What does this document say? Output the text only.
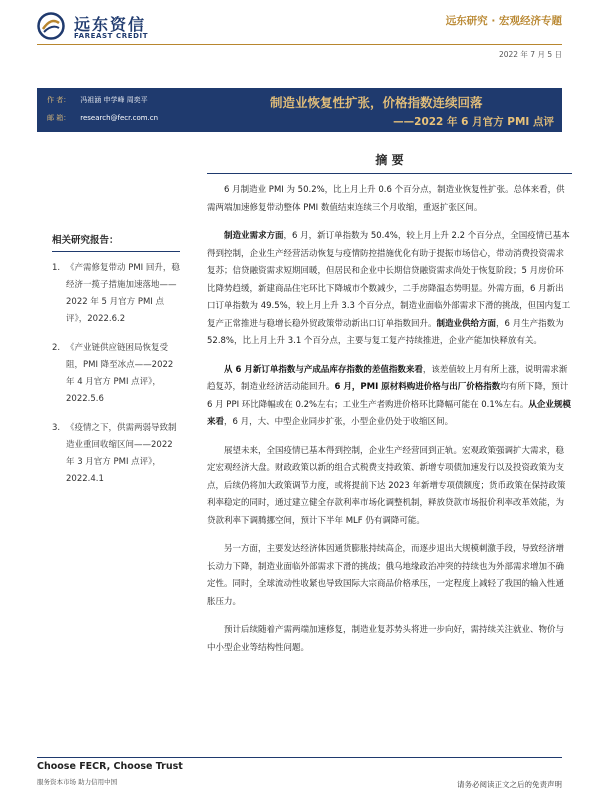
远东资信
FAREAST CREDIT
远东研究 · 宏观经济专题
2022 年 7 月 5 日
作 者： 冯祖涵 申学峰 周奕平
邮 箱： research@fecr.com.cn
制造业恢复性扩张，价格指数连续回落
——2022 年 6 月官方 PMI 点评
相关研究报告：
1. 《产需修复带动 PMI 回升，稳经济一揽子措施加速落地——2022 年 5 月官方 PMI 点评》，2022.6.2
2. 《产业链供应链困局恢复受阻，PMI 降至冰点——2022 年 4 月官方 PMI 点评》，2022.5.6
3. 《疫情之下，供需两弱导致制造业重回收缩区间——2022 年 3 月官方 PMI 点评》，2022.4.1
摘 要

6 月制造业 PMI 为 50.2%，比上月上升 0.6 个百分点，制造业恢复性扩张。总体来看，供需两端加速修复带动整体 PMI 数值结束连续三个月收缩，重返扩张区间。

制造业需求方面，6 月，新订单指数为 50.4%，较上月上升 2.2 个百分点，全国疫情已基本得到控制，企业生产经营活动恢复与疫情防控措施优化有助于提振市场信心，带动消费投资需求复苏；信贷融资需求短期回暖，但居民和企业中长期信贷融资需求尚处于恢复阶段；5 月房价环比降势趋缓，新建商品住宅环比下降城市个数减少，二手房降温态势明显。外需方面，6 月新出口订单指数为 49.5%，较上月上升 3.3 个百分点，制造业面临外部需求下滑的挑战，但国内复工复产正常推进与稳增长稳外贸政策带动新出口订单指数回升。制造业供给方面，6 月生产指数为 52.8%，比上月上升 3.1 个百分点，主要与复工复产持续推进，企业产能加快释放有关。

从 6 月新订单指数与产成品库存指数的差值指数来看，该差值较上月有所上涨，说明需求渐趋复苏，制造业经济活动能回升。6 月，PMI 原材料购进价格与出厂价格指数均有所下降，预计 6 月 PPI 环比降幅或在 0.2%左右；工业生产者购进价格环比降幅可能在 0.1%左右。从企业规模来看，6 月，大、中型企业同步扩张，小型企业仍处于收缩区间。

展望未来，全国疫情已基本得到控制，企业生产经营回到正轨。宏观政策强调扩大需求，稳定宏观经济大盘。财政政策以新的组合式税费支持政策、新增专项债加速发行以及投资政策为支点，后续仍将加大政策调节力度，或将提前下达 2023 年新增专项债额度；货币政策在保持政策利率稳定的同时，通过建立健全存款利率市场化调整机制，释放贷款市场报价利率改革效能，为贷款利率下调腾挪空间，预计下半年 MLF 仍有调降可能。

另一方面，主要发达经济体因通货膨胀持续高企，而逐步退出大规模刺激手段，导致经济增长动力下降，制造业面临外部需求下滑的挑战；俄乌地缘政治冲突的持续也为外部需求增加不确定性。同时，全球流动性收紧也导致国际大宗商品价格承压，一定程度上减轻了我国的输入性通胀压力。

预计后续随着产需两端加速修复，制造业复苏势头将进一步向好，需持续关注就业、物价与中小型企业等结构性问题。

Choose FECR, Choose Trust
服务资本市场 助力信用中国	请务必阅读正文之后的免责声明
